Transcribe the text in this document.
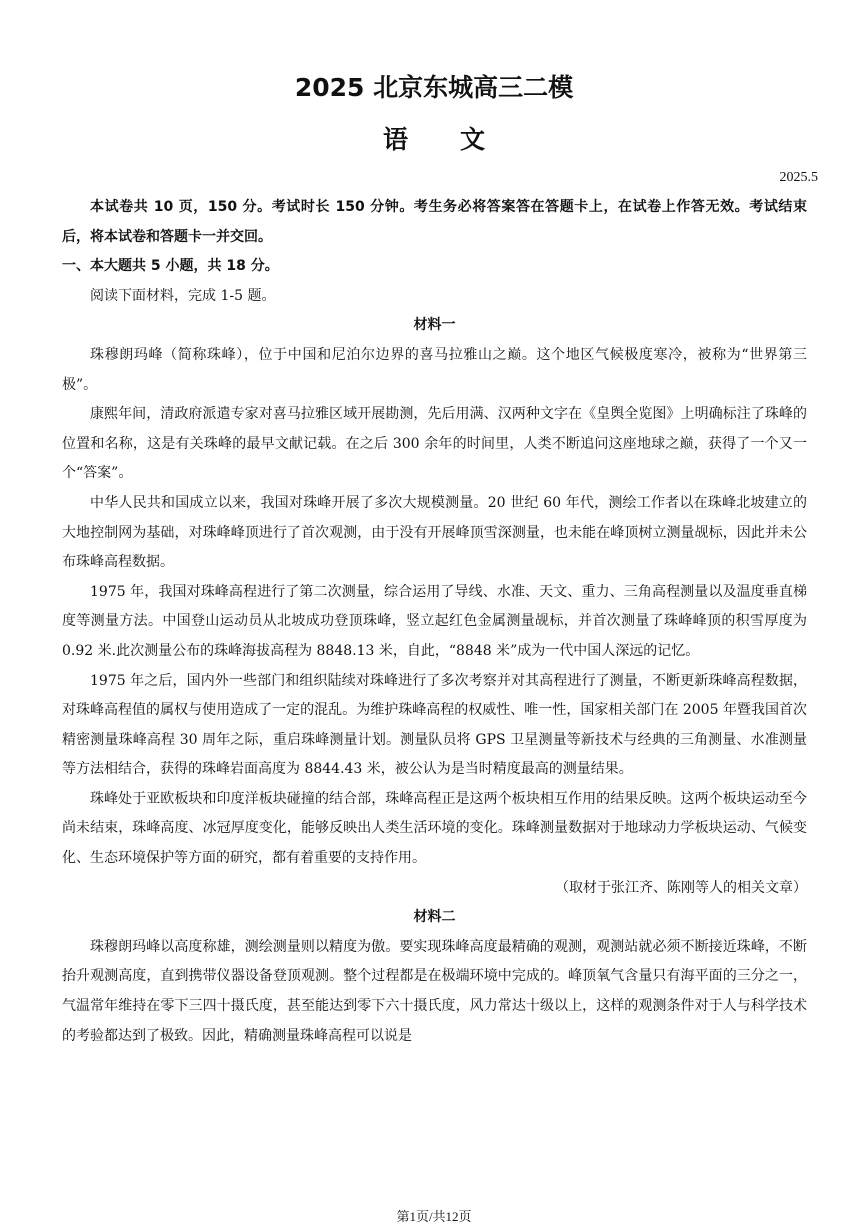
2025 北京东城高三二模
语文
2025.5

本试卷共 10 页，150 分。考试时长 150 分钟。考生务必将答案答在答题卡上，在试卷上作答无效。考试结束后，将本试卷和答题卡一并交回。

一、本大题共 5 小题，共 18 分。

阅读下面材料，完成 1-5 题。

材料一

珠穆朗玛峰（简称珠峰），位于中国和尼泊尔边界的喜马拉雅山之巅。这个地区气候极度寒冷，被称为“世界第三极”。

康熙年间，清政府派遣专家对喜马拉雅区域开展勘测，先后用满、汉两种文字在《皇舆全览图》上明确标注了珠峰的位置和名称，这是有关珠峰的最早文献记载。在之后 300 余年的时间里，人类不断追问这座地球之巅，获得了一个又一个“答案”。

中华人民共和国成立以来，我国对珠峰开展了多次大规模测量。20 世纪 60 年代，测绘工作者以在珠峰北坡建立的大地控制网为基础，对珠峰峰顶进行了首次观测，由于没有开展峰顶雪深测量，也未能在峰顶树立测量觇标，因此并未公布珠峰高程数据。

1975 年，我国对珠峰高程进行了第二次测量，综合运用了导线、水准、天文、重力、三角高程测量以及温度垂直梯度等测量方法。中国登山运动员从北坡成功登顶珠峰，竖立起红色金属测量觇标，并首次测量了珠峰峰顶的积雪厚度为 0.92 米.此次测量公布的珠峰海拔高程为 8848.13 米，自此，“8848 米”成为一代中国人深远的记忆。

1975 年之后，国内外一些部门和组织陆续对珠峰进行了多次考察并对其高程进行了测量，不断更新珠峰高程数据，对珠峰高程值的属权与使用造成了一定的混乱。为维护珠峰高程的权威性、唯一性，国家相关部门在 2005 年暨我国首次精密测量珠峰高程 30 周年之际，重启珠峰测量计划。测量队员将 GPS 卫星测量等新技术与经典的三角测量、水准测量等方法相结合，获得的珠峰岩面高度为 8844.43 米，被公认为是当时精度最高的测量结果。

珠峰处于亚欧板块和印度洋板块碰撞的结合部，珠峰高程正是这两个板块相互作用的结果反映。这两个板块运动至今尚未结束，珠峰高度、冰冠厚度变化，能够反映出人类生活环境的变化。珠峰测量数据对于地球动力学板块运动、气候变化、生态环境保护等方面的研究，都有着重要的支持作用。

（取材于张江齐、陈刚等人的相关文章）

材料二

珠穆朗玛峰以高度称雄，测绘测量则以精度为傲。要实现珠峰高度最精确的观测，观测站就必须不断接近珠峰，不断抬升观测高度，直到携带仪器设备登顶观测。整个过程都是在极端环境中完成的。峰顶氧气含量只有海平面的三分之一，气温常年维持在零下三四十摄氏度，甚至能达到零下六十摄氏度，风力常达十级以上，这样的观测条件对于人与科学技术的考验都达到了极致。因此，精确测量珠峰高程可以说是

第1页/共12页
